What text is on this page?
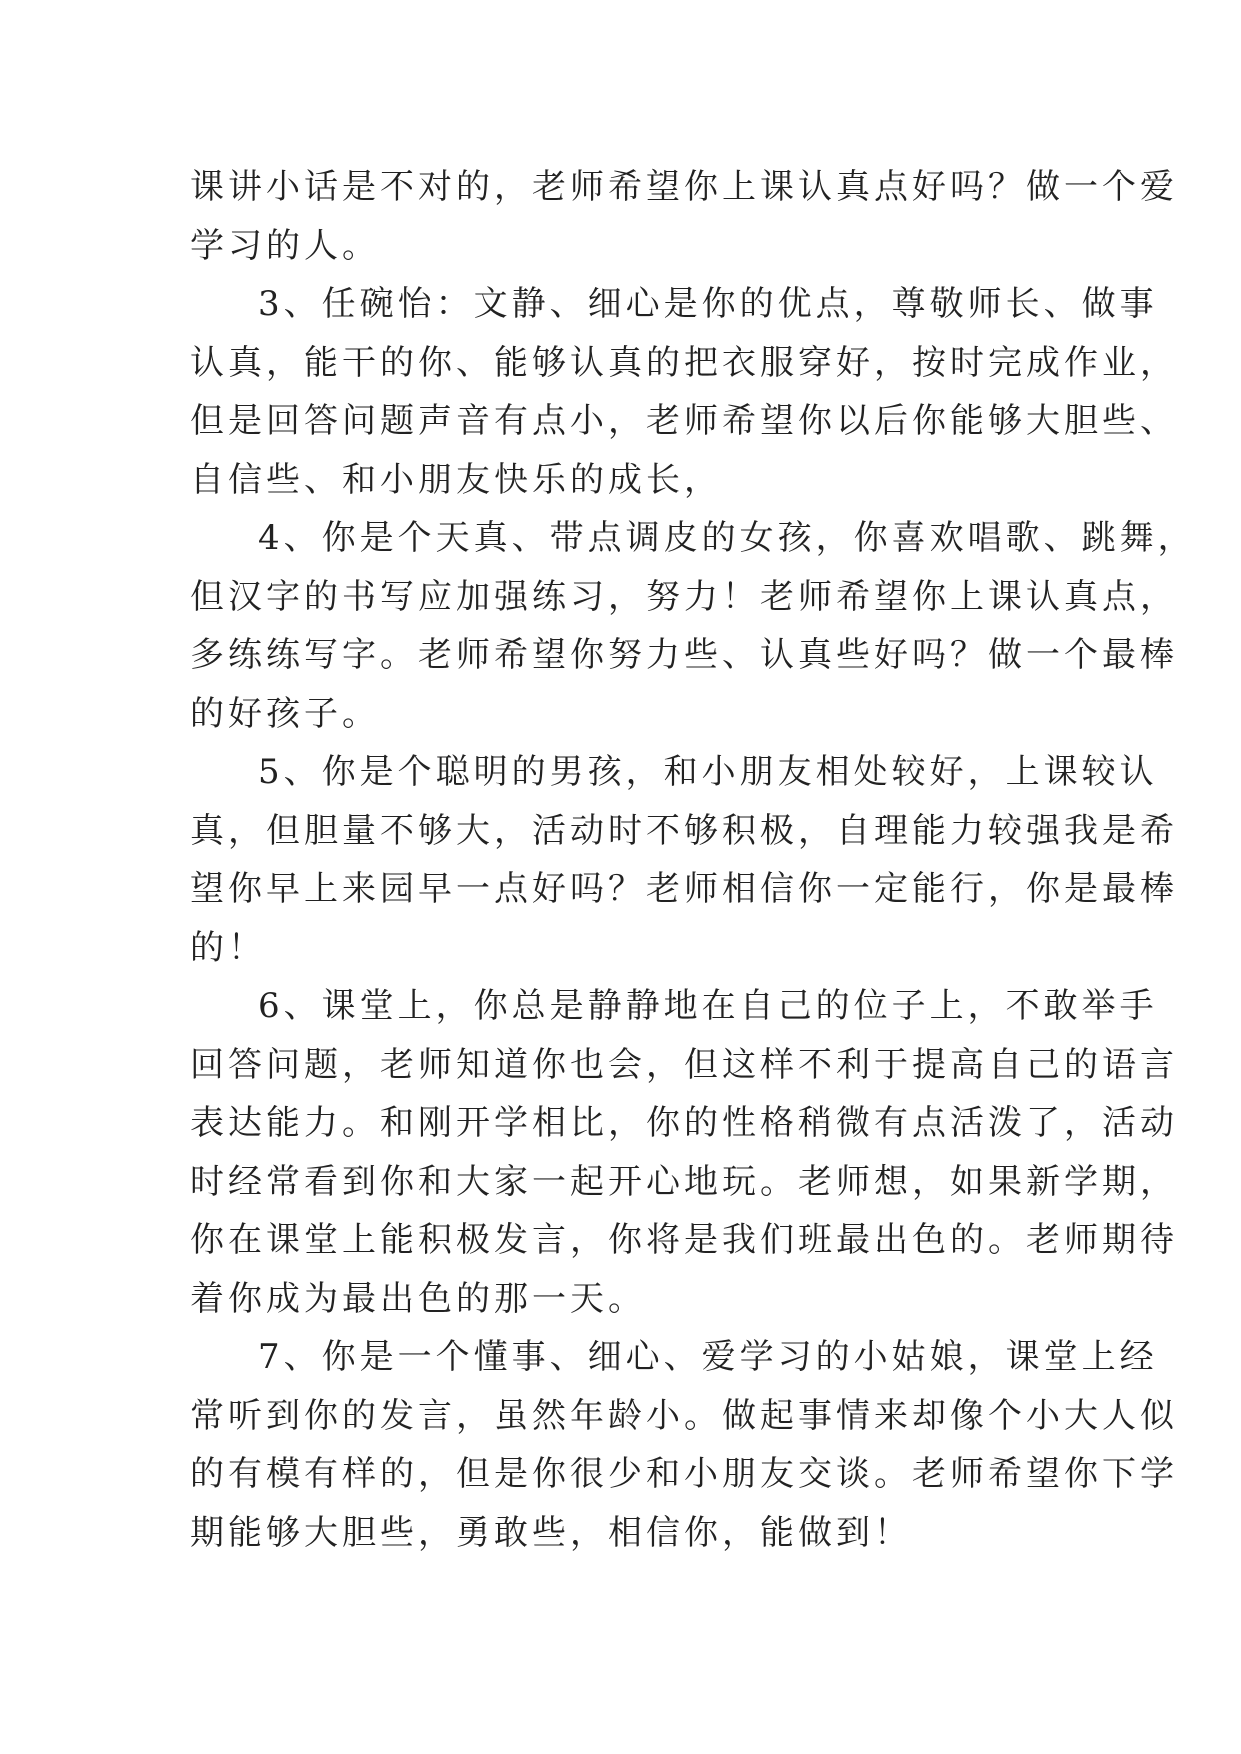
课讲小话是不对的，老师希望你上课认真点好吗？做一个爱
学习的人。

3、任碗怡：文静、细心是你的优点，尊敬师长、做事
认真，能干的你、能够认真的把衣服穿好，按时完成作业，
但是回答问题声音有点小，老师希望你以后你能够大胆些、
自信些、和小朋友快乐的成长，

4、你是个天真、带点调皮的女孩，你喜欢唱歌、跳舞，
但汉字的书写应加强练习，努力！老师希望你上课认真点，
多练练写字。老师希望你努力些、认真些好吗？做一个最棒
的好孩子。

5、你是个聪明的男孩，和小朋友相处较好，上课较认
真，但胆量不够大，活动时不够积极，自理能力较强我是希
望你早上来园早一点好吗？老师相信你一定能行，你是最棒
的！

6、课堂上，你总是静静地在自己的位子上，不敢举手
回答问题，老师知道你也会，但这样不利于提高自己的语言
表达能力。和刚开学相比，你的性格稍微有点活泼了，活动
时经常看到你和大家一起开心地玩。老师想，如果新学期，
你在课堂上能积极发言，你将是我们班最出色的。老师期待
着你成为最出色的那一天。

7、你是一个懂事、细心、爱学习的小姑娘，课堂上经
常听到你的发言，虽然年龄小。做起事情来却像个小大人似
的有模有样的，但是你很少和小朋友交谈。老师希望你下学
期能够大胆些，勇敢些，相信你，能做到！
